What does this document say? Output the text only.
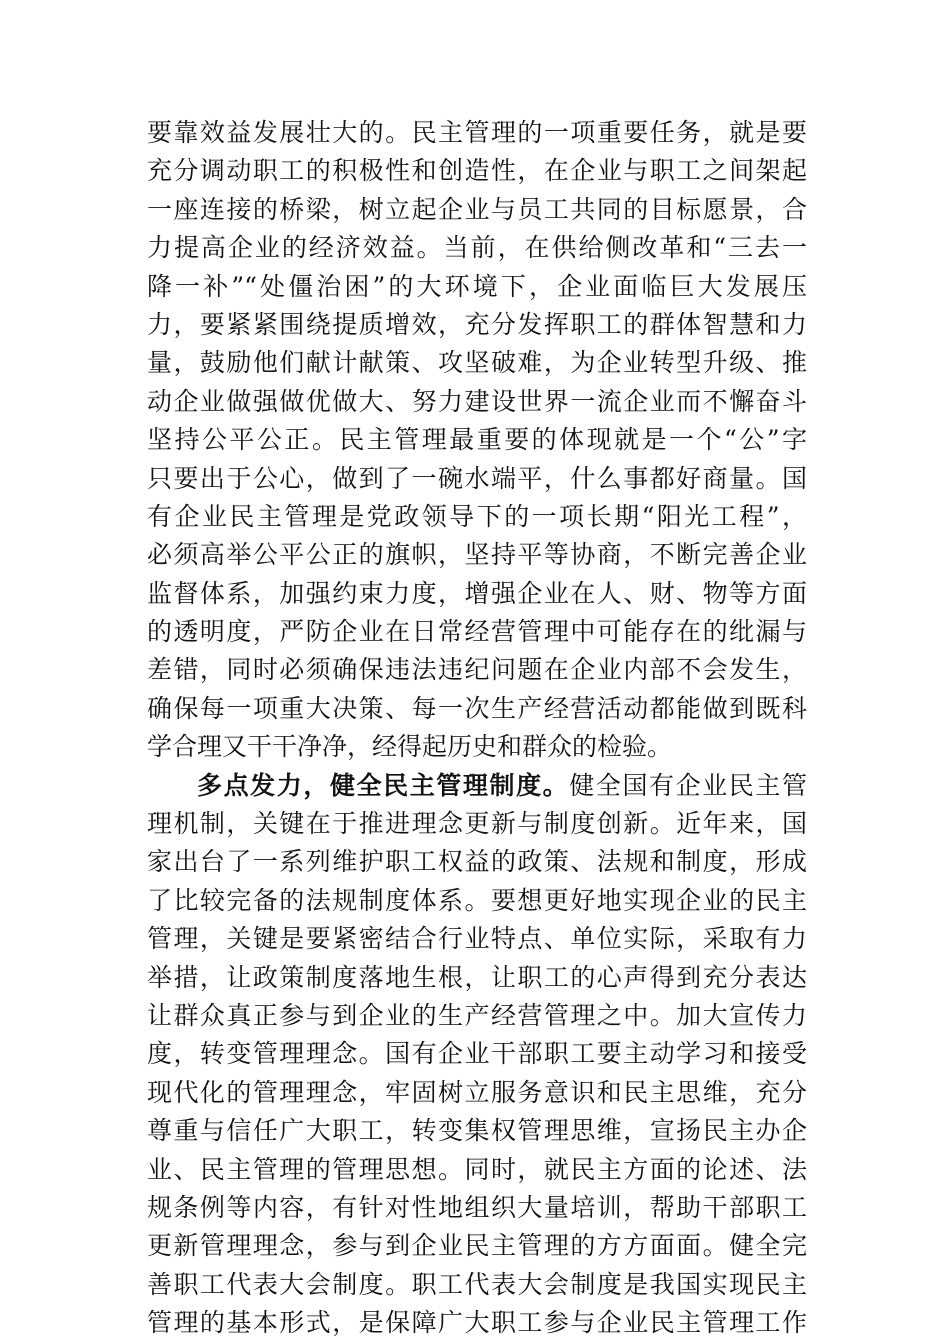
要靠效益发展壮大的。民主管理的一项重要任务，就是要
充分调动职工的积极性和创造性，在企业与职工之间架起
一座连接的桥梁，树立起企业与员工共同的目标愿景，合
力提高企业的经济效益。当前，在供给侧改革和“三去一
降一补”“处僵治困”的大环境下，企业面临巨大发展压
力，要紧紧围绕提质增效，充分发挥职工的群体智慧和力
量，鼓励他们献计献策、攻坚破难，为企业转型升级、推
动企业做强做优做大、努力建设世界一流企业而不懈奋斗
坚持公平公正。民主管理最重要的体现就是一个“公”字
只要出于公心，做到了一碗水端平，什么事都好商量。国
有企业民主管理是党政领导下的一项长期“阳光工程”，
必须高举公平公正的旗帜，坚持平等协商，不断完善企业
监督体系，加强约束力度，增强企业在人、财、物等方面
的透明度，严防企业在日常经营管理中可能存在的纰漏与
差错，同时必须确保违法违纪问题在企业内部不会发生，
确保每一项重大决策、每一次生产经营活动都能做到既科
学合理又干干净净，经得起历史和群众的检验。
多点发力，健全民主管理制度。健全国有企业民主管
理机制，关键在于推进理念更新与制度创新。近年来，国
家出台了一系列维护职工权益的政策、法规和制度，形成
了比较完备的法规制度体系。要想更好地实现企业的民主
管理，关键是要紧密结合行业特点、单位实际，采取有力
举措，让政策制度落地生根，让职工的心声得到充分表达
让群众真正参与到企业的生产经营管理之中。加大宣传力
度，转变管理理念。国有企业干部职工要主动学习和接受
现代化的管理理念，牢固树立服务意识和民主思维，充分
尊重与信任广大职工，转变集权管理思维，宣扬民主办企
业、民主管理的管理思想。同时，就民主方面的论述、法
规条例等内容，有针对性地组织大量培训，帮助干部职工
更新管理理念，参与到企业民主管理的方方面面。健全完
善职工代表大会制度。职工代表大会制度是我国实现民主
管理的基本形式，是保障广大职工参与企业民主管理工作
